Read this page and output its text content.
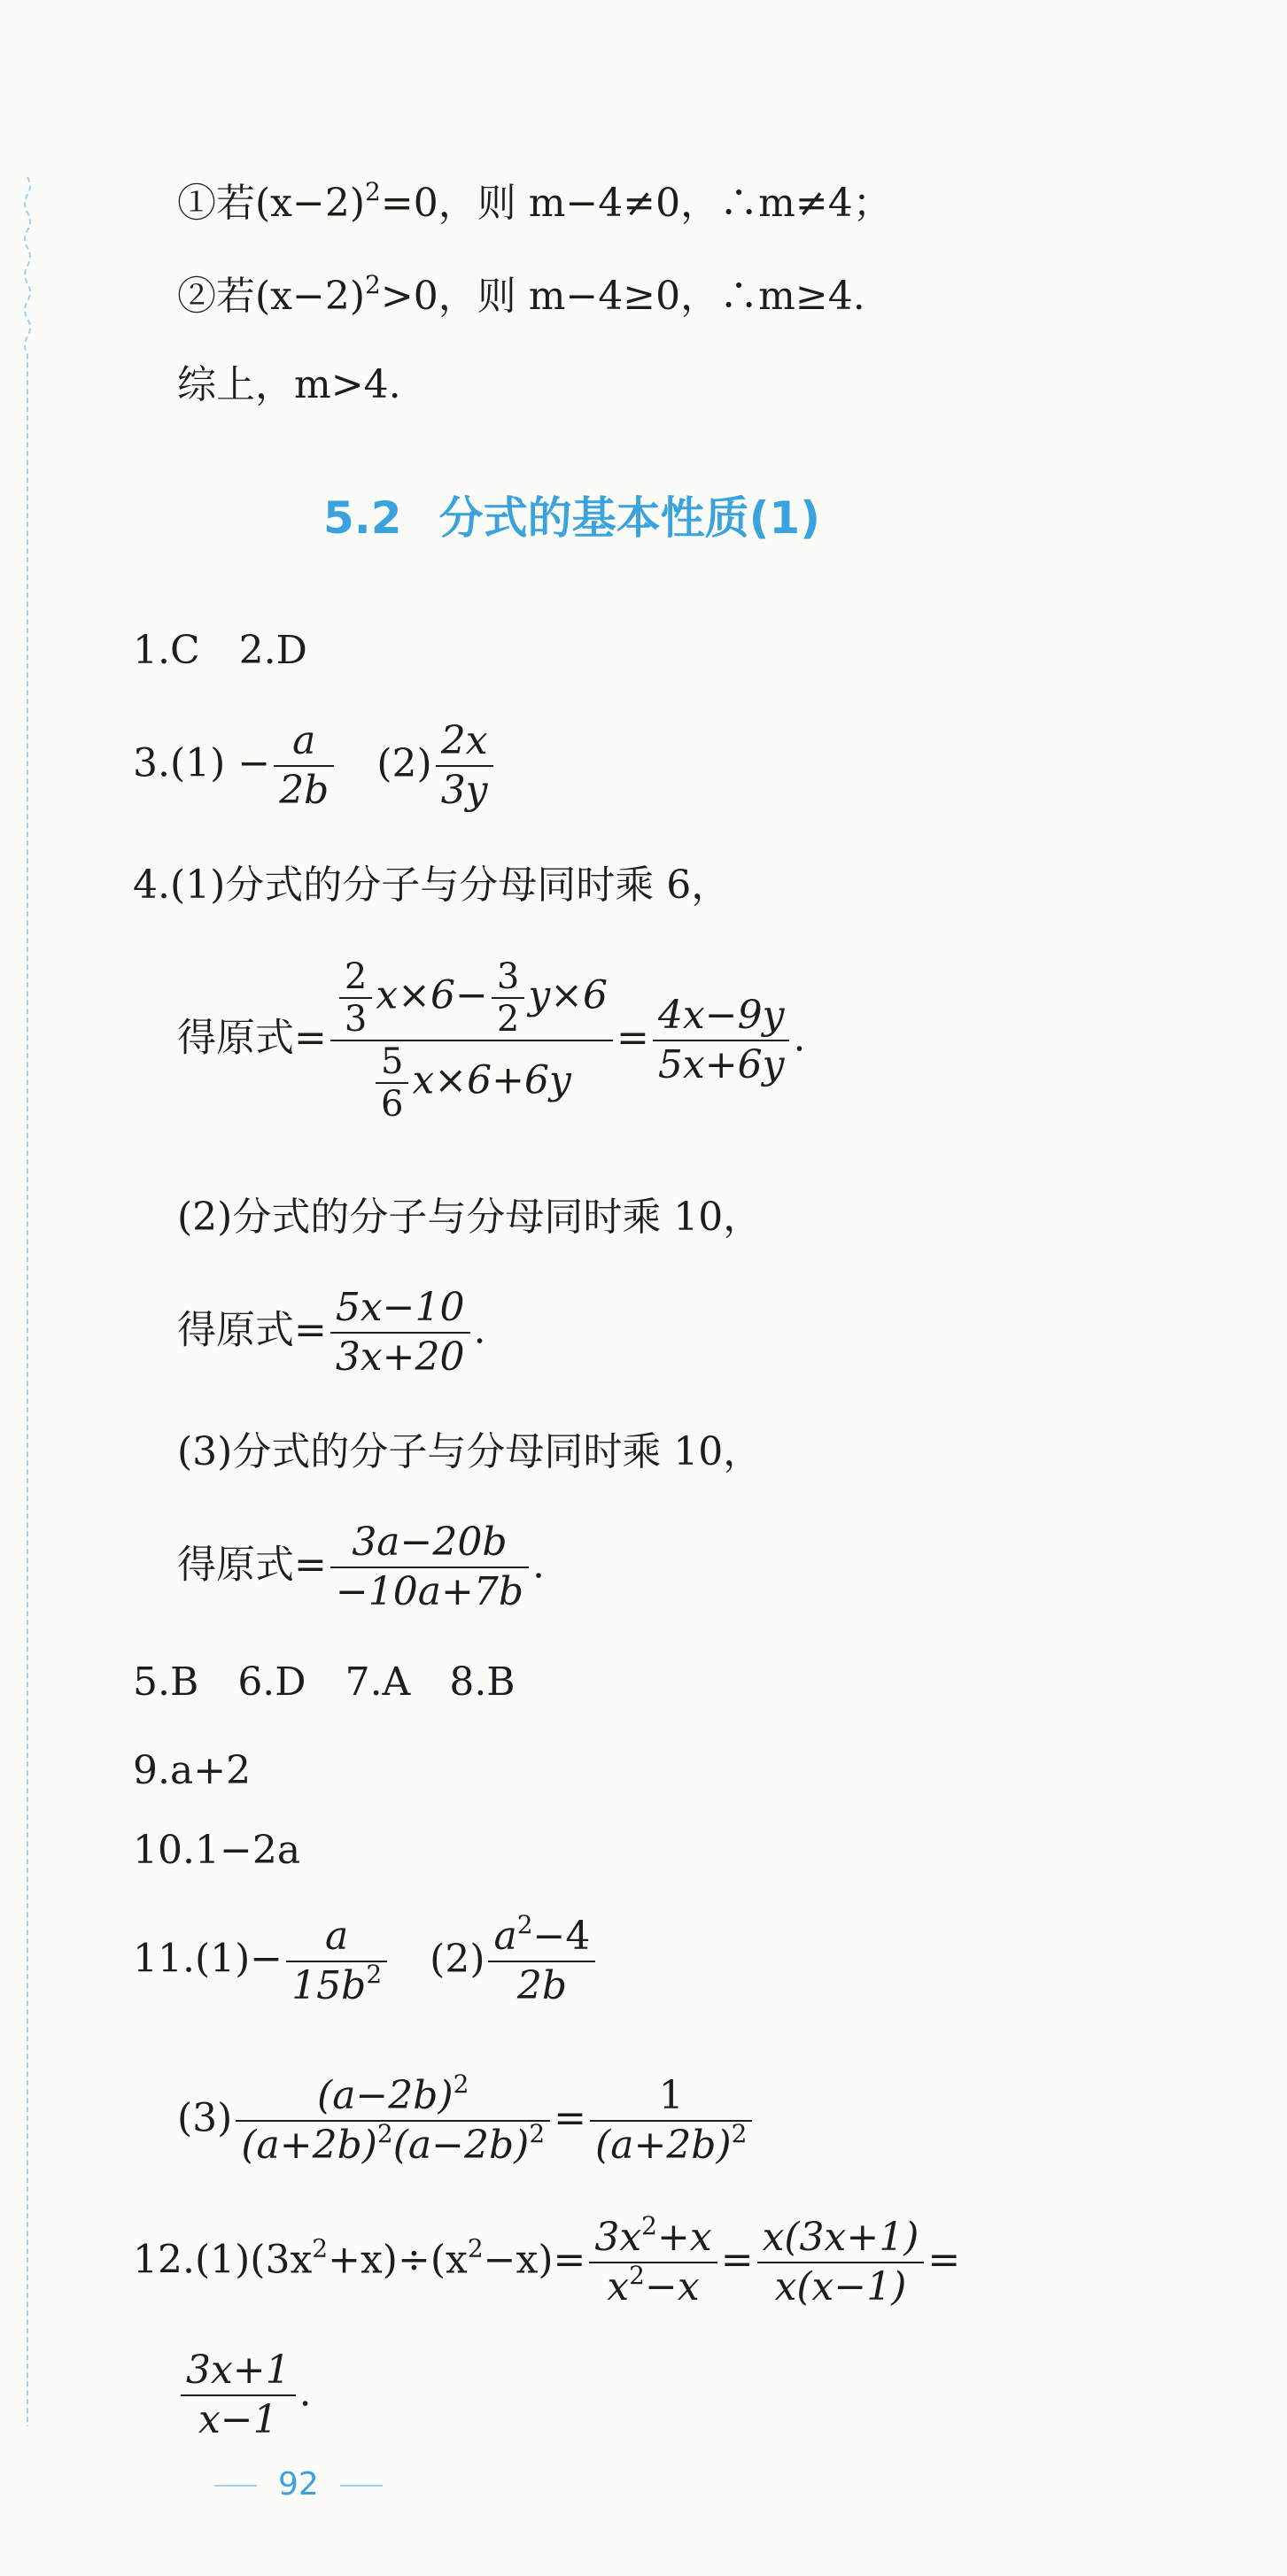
①若$(x-2)^2=0$，则 m−4≠0，∴m≠4；
②若$(x-2)^2>0$，则 m−4≥0，∴m≥4.
综上，m>4.
5.2 分式的基本性质(1)
1.C　2.D
$3.(1) - \frac{a}{2b} (2) \frac{2x}{3y}$
4.(1)分式的分子与分母同时乘 6，
得原式= $\frac{\frac{2}{3} x\times 6- \frac{3}{2} y\times 6}{\frac{5}{6} x\times 6+6y} = \frac{4x-9y}{5x+6y}$ .
(2)分式的分子与分母同时乘 10，
得原式= $\frac{5x-10}{3x+20}$ .
(3)分式的分子与分母同时乘 10，
得原式= $\frac{3a-20b}{-10a+7b}$ .
5.B　6.D　7.A　8.B
9.a+2
10.1−2a
$11.(1)- \frac{a}{15b^2} (2) \frac{a^2-4}{2b}$
$(3) \frac{(a-2b)^2}{(a+2b)^2(a-2b)^2} = \frac{1}{(a+2b)^2}$
$12.(1)(3x^2+x)\div(x^2-x)= \frac{3x^2+x}{x^2-x} = \frac{x(3x+1)}{x(x-1)}$ =
$\frac{3x+1}{x-1}$ .
92
